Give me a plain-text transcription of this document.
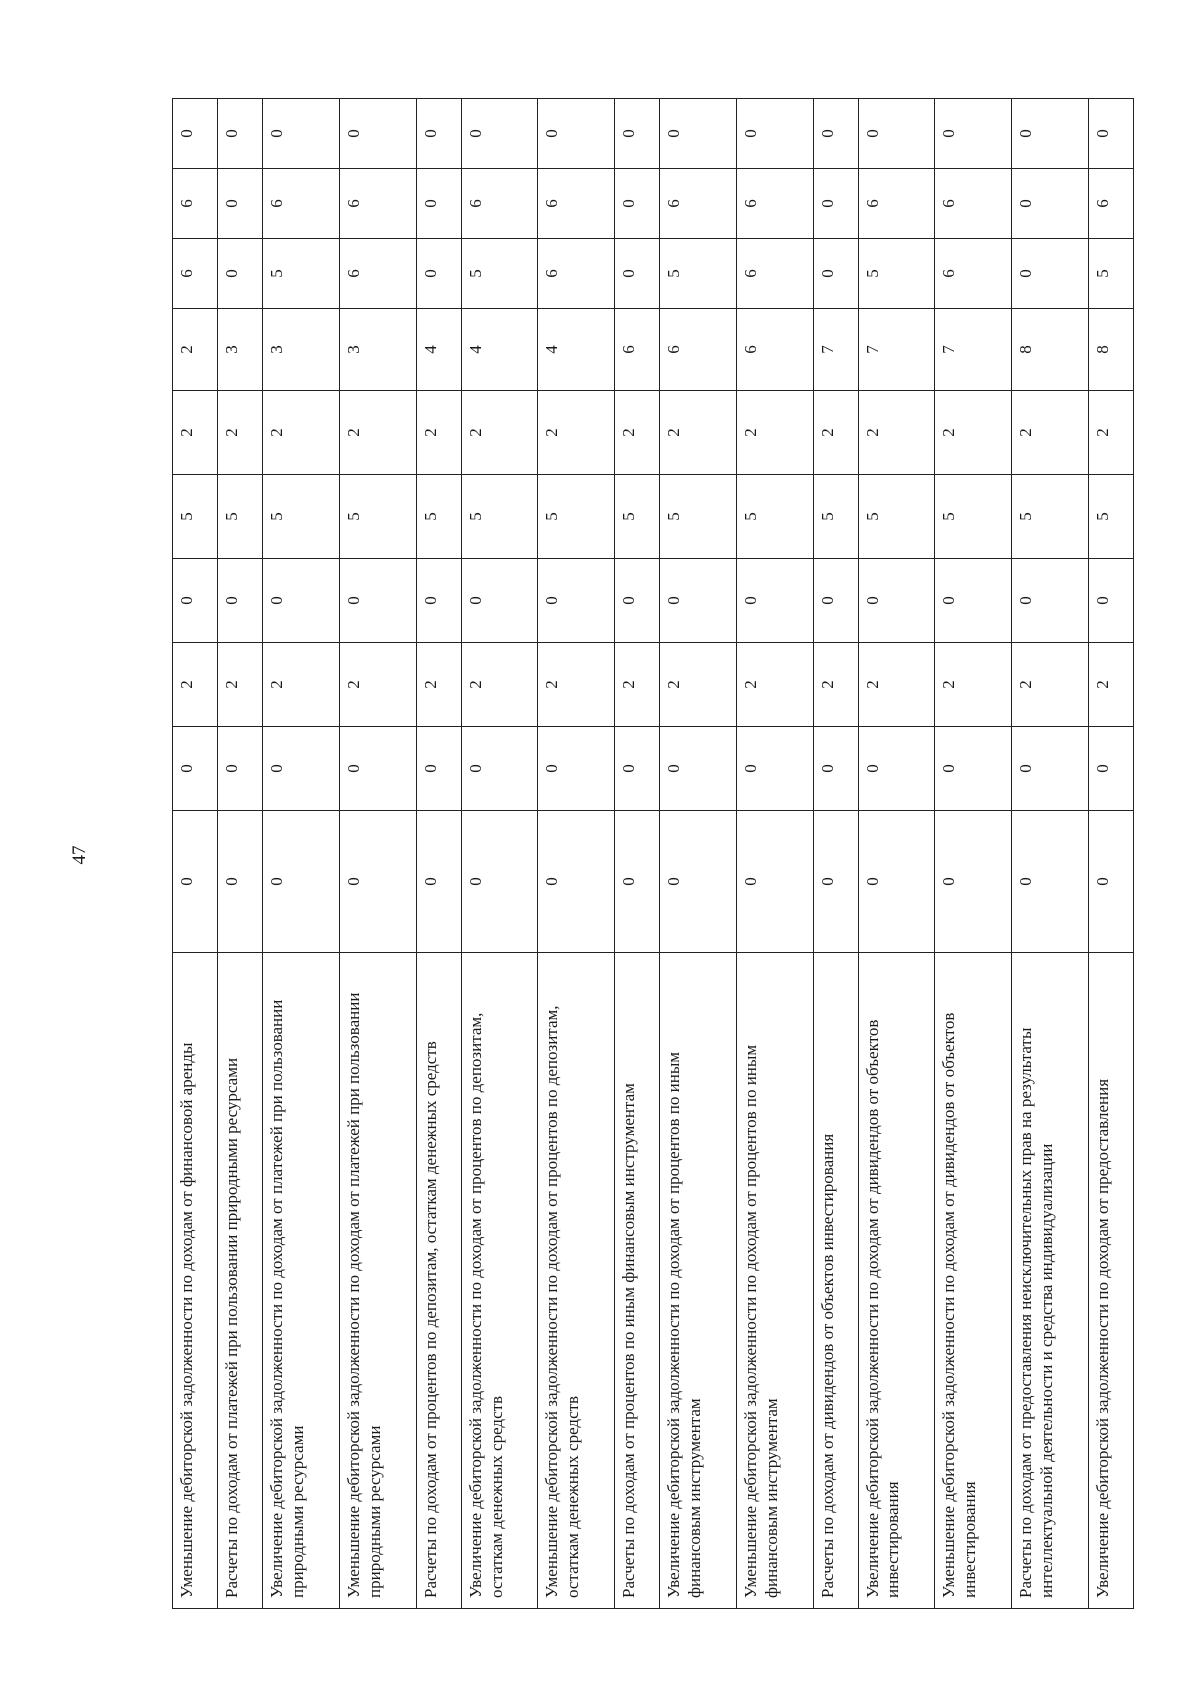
47
Уменьшение дебиторской задолженности по доходам от финансовой аренды	0	0	2	0	5	2	2	6	6	0
Расчеты по доходам от платежей при пользовании природными ресурсами	0	0	2	0	5	2	3	0	0	0
Увеличение дебиторской задолженности по доходам от платежей при пользовании природными ресурсами	0	0	2	0	5	2	3	5	6	0
Уменьшение дебиторской задолженности по доходам от платежей при пользовании природными ресурсами	0	0	2	0	5	2	3	6	6	0
Расчеты по доходам от процентов по депозитам, остаткам денежных средств	0	0	2	0	5	2	4	0	0	0
Увеличение дебиторской задолженности по доходам от процентов по депозитам, остаткам денежных средств	0	0	2	0	5	2	4	5	6	0
Уменьшение дебиторской задолженности по доходам от процентов по депозитам, остаткам денежных средств	0	0	2	0	5	2	4	6	6	0
Расчеты по доходам от процентов по иным финансовым инструментам	0	0	2	0	5	2	6	0	0	0
Увеличение дебиторской задолженности по доходам от процентов по иным финансовым инструментам	0	0	2	0	5	2	6	5	6	0
Уменьшение дебиторской задолженности по доходам от процентов по иным финансовым инструментам	0	0	2	0	5	2	6	6	6	0
Расчеты по доходам от дивидендов от объектов инвестирования	0	0	2	0	5	2	7	0	0	0
Увеличение дебиторской задолженности по доходам от дивидендов от объектов инвестирования	0	0	2	0	5	2	7	5	6	0
Уменьшение дебиторской задолженности по доходам от дивидендов от объектов инвестирования	0	0	2	0	5	2	7	6	6	0
Расчеты по доходам от предоставления неисключительных прав на результаты интеллектуальной деятельности и средства индивидуализации	0	0	2	0	5	2	8	0	0	0
Увеличение дебиторской задолженности по доходам от предоставления	0	0	2	0	5	2	8	5	6	0
